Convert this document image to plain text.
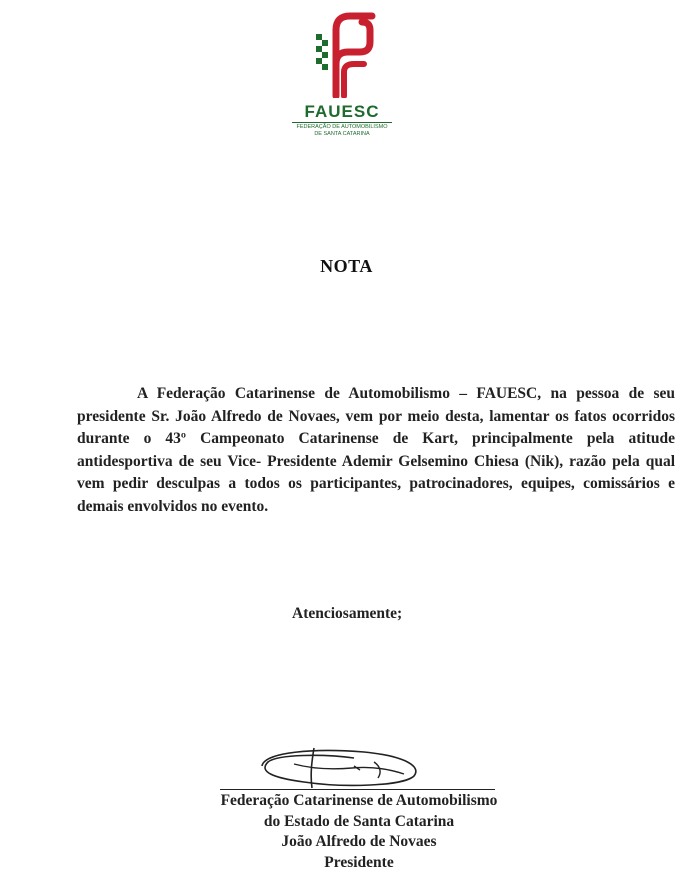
FAUESC
FEDERAÇÃO DE AUTOMOBILISMO
DE SANTA CATARINA
NOTA

A Federação Catarinense de Automobilismo – FAUESC, na pessoa de seu presidente Sr. João Alfredo de Novaes, vem por meio desta, lamentar os fatos ocorridos durante o 43º Campeonato Catarinense de Kart, principalmente pela atitude antidesportiva de seu Vice- Presidente Ademir Gelsemino Chiesa (Nik), razão pela qual vem pedir desculpas a todos os participantes, patrocinadores, equipes, comissários e demais envolvidos no evento.

Atenciosamente;
Federação Catarinense de Automobilismo
do Estado de Santa Catarina
João Alfredo de Novaes
Presidente
